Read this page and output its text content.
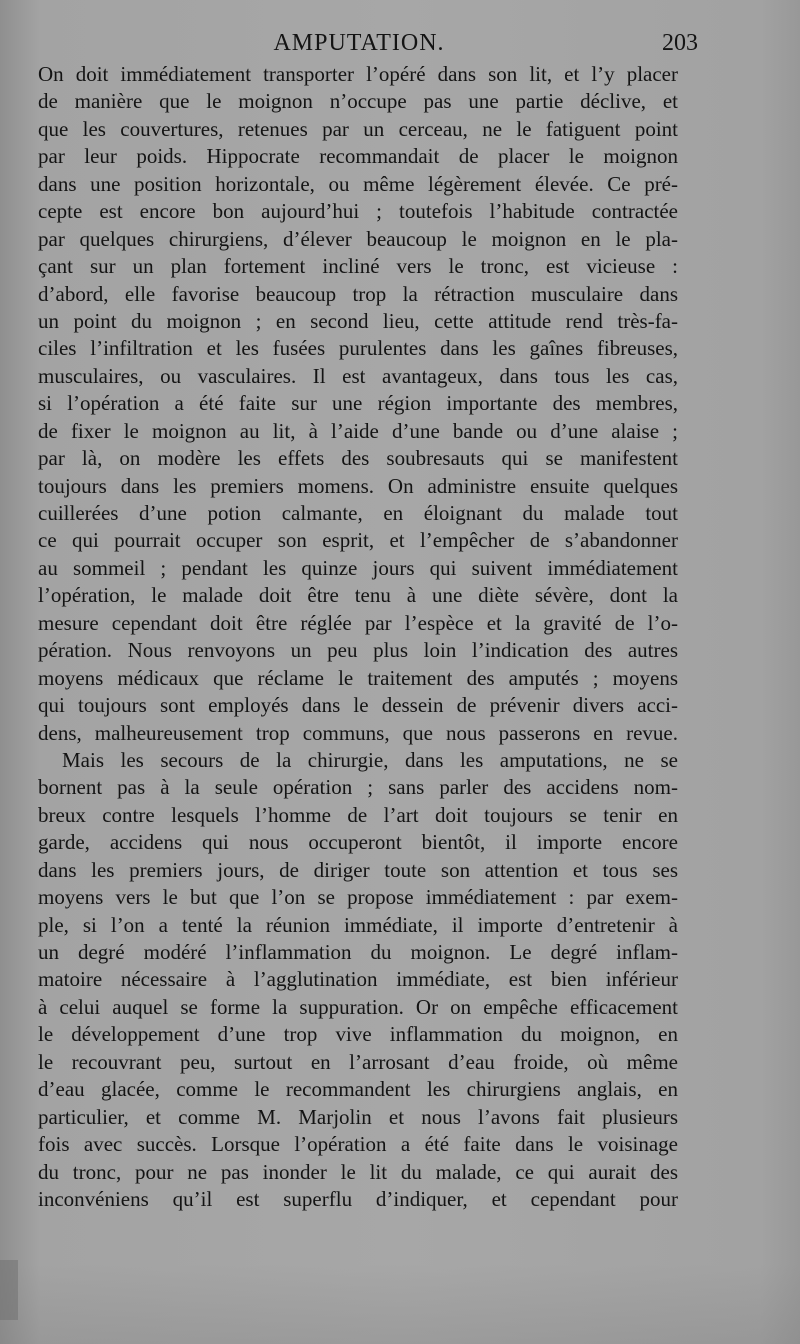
AMPUTATION.	203
On doit immédiatement transporter l’opéré dans son lit, et l’y placer
de manière que le moignon n’occupe pas une partie déclive, et
que les couvertures, retenues par un cerceau, ne le fatiguent point
par leur poids. Hippocrate recommandait de placer le moignon
dans une position horizontale, ou même légèrement élevée. Ce pré-
cepte est encore bon aujourd’hui ; toutefois l’habitude contractée
par quelques chirurgiens, d’élever beaucoup le moignon en le pla-
çant sur un plan fortement incliné vers le tronc, est vicieuse :
d’abord, elle favorise beaucoup trop la rétraction musculaire dans
un point du moignon ; en second lieu, cette attitude rend très-fa-
ciles l’infiltration et les fusées purulentes dans les gaînes fibreuses,
musculaires, ou vasculaires. Il est avantageux, dans tous les cas,
si l’opération a été faite sur une région importante des membres,
de fixer le moignon au lit, à l’aide d’une bande ou d’une alaise ;
par là, on modère les effets des soubresauts qui se manifestent
toujours dans les premiers momens. On administre ensuite quelques
cuillerées d’une potion calmante, en éloignant du malade tout
ce qui pourrait occuper son esprit, et l’empêcher de s’abandonner
au sommeil ; pendant les quinze jours qui suivent immédiatement
l’opération, le malade doit être tenu à une diète sévère, dont la
mesure cependant doit être réglée par l’espèce et la gravité de l’o-
pération. Nous renvoyons un peu plus loin l’indication des autres
moyens médicaux que réclame le traitement des amputés ; moyens
qui toujours sont employés dans le dessein de prévenir divers acci-
dens, malheureusement trop communs, que nous passerons en revue.
Mais les secours de la chirurgie, dans les amputations, ne se
bornent pas à la seule opération ; sans parler des accidens nom-
breux contre lesquels l’homme de l’art doit toujours se tenir en
garde, accidens qui nous occuperont bientôt, il importe encore
dans les premiers jours, de diriger toute son attention et tous ses
moyens vers le but que l’on se propose immédiatement : par exem-
ple, si l’on a tenté la réunion immédiate, il importe d’entretenir à
un degré modéré l’inflammation du moignon. Le degré inflam-
matoire nécessaire à l’agglutination immédiate, est bien inférieur
à celui auquel se forme la suppuration. Or on empêche efficacement
le développement d’une trop vive inflammation du moignon, en
le recouvrant peu, surtout en l’arrosant d’eau froide, où même
d’eau glacée, comme le recommandent les chirurgiens anglais, en
particulier, et comme M. Marjolin et nous l’avons fait plusieurs
fois avec succès. Lorsque l’opération a été faite dans le voisinage
du tronc, pour ne pas inonder le lit du malade, ce qui aurait des
inconvéniens qu’il est superflu d’indiquer, et cependant pour
